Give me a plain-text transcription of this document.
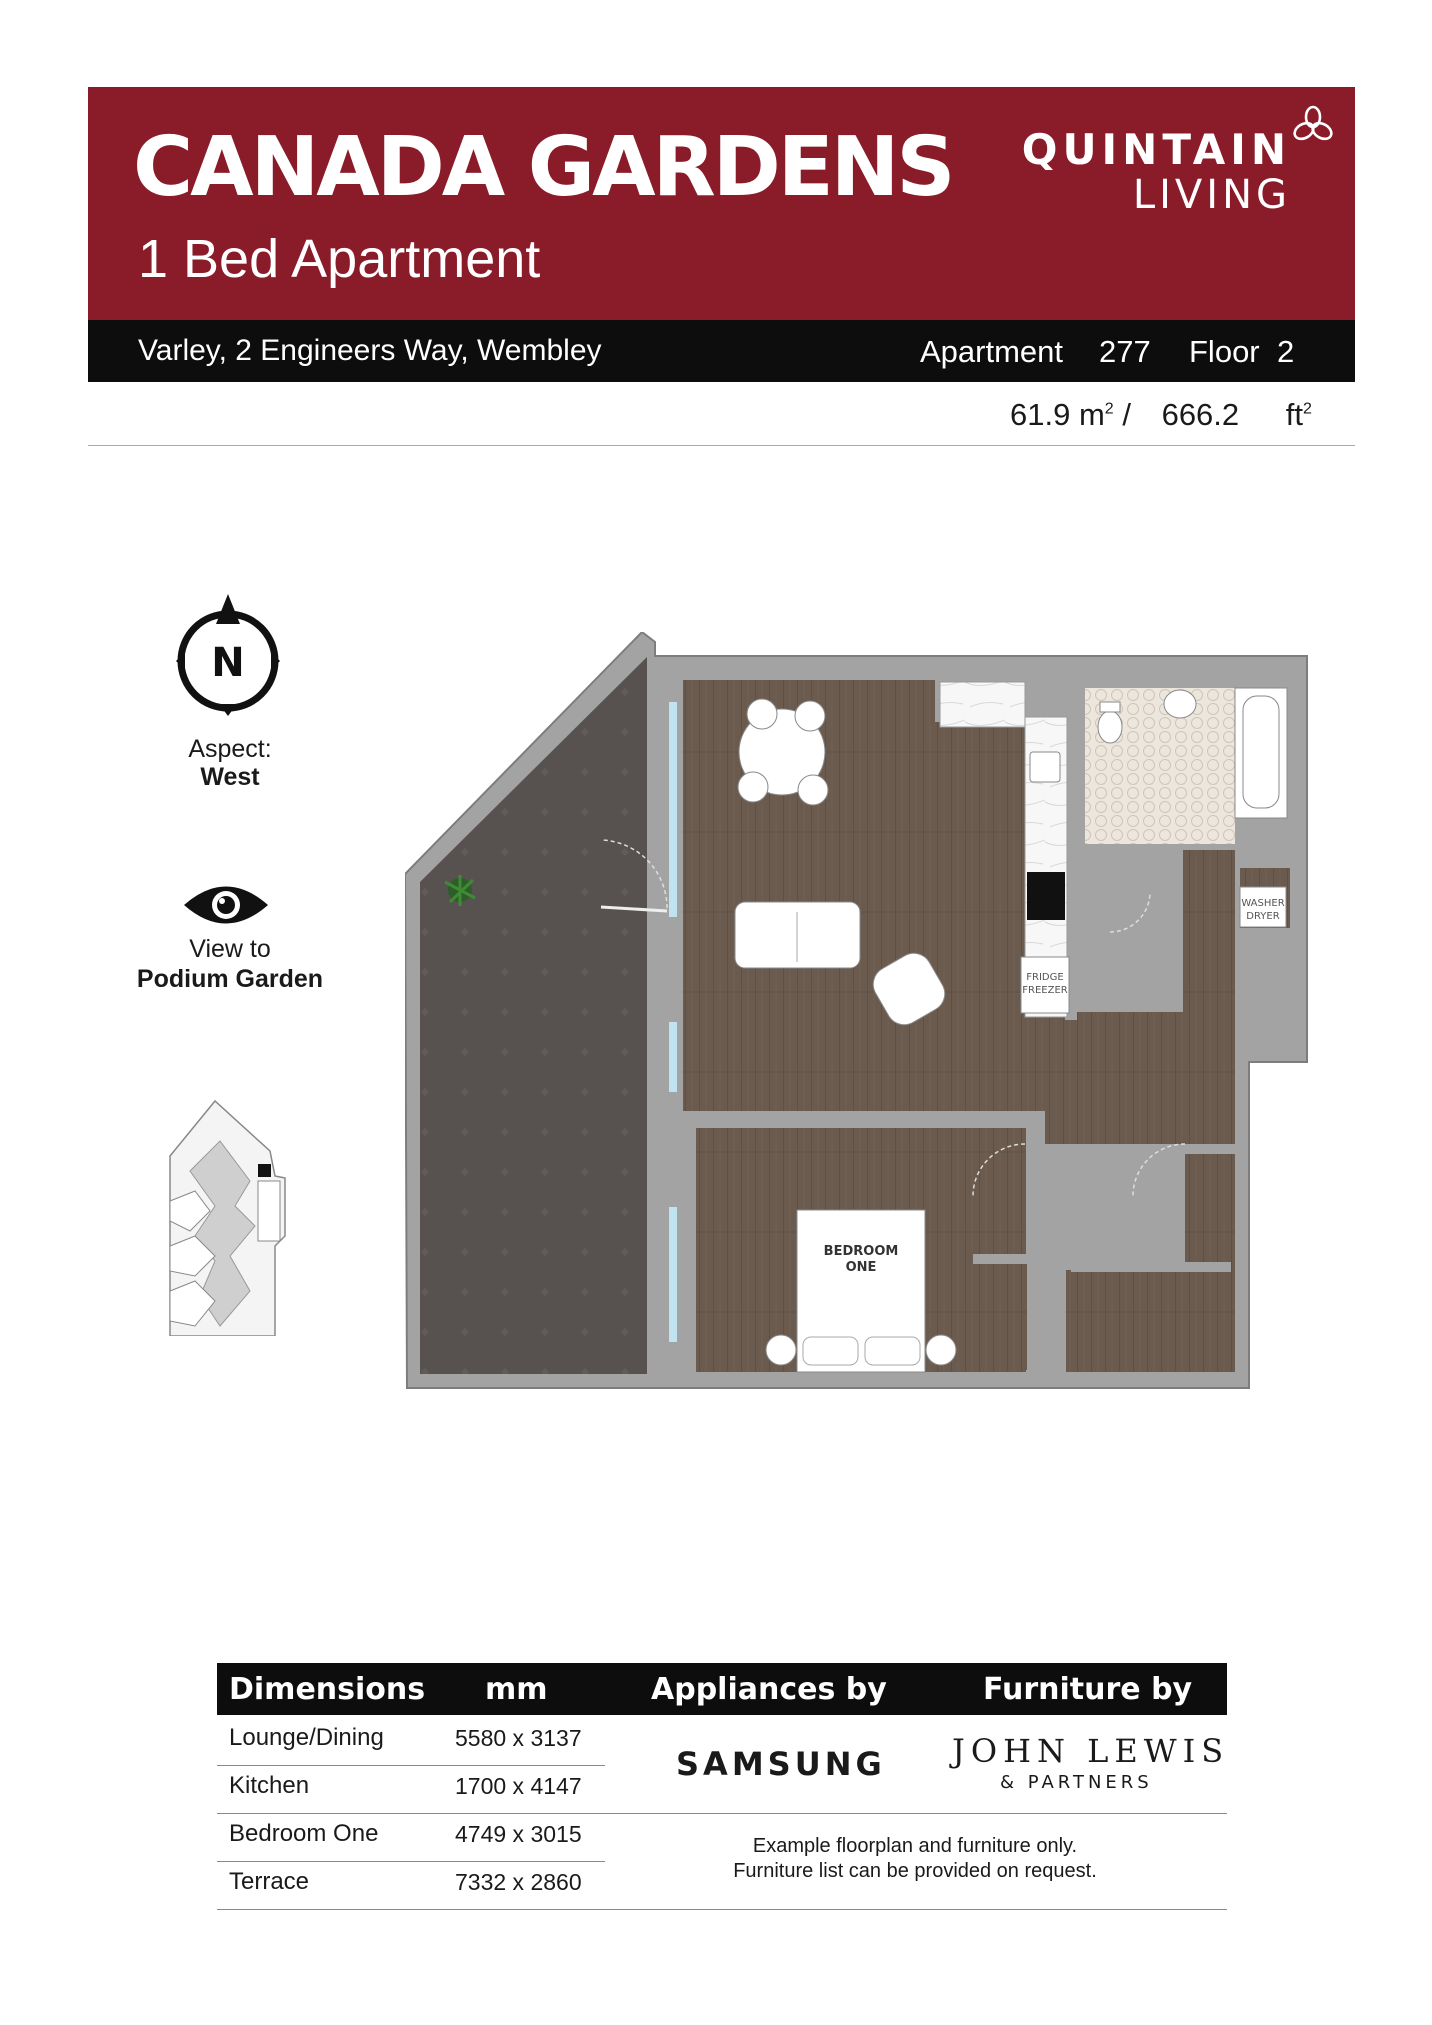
CANADA GARDENS
1 Bed Apartment
QUINTAIN
LIVING
Varley, 2 Engineers Way, Wembley	Apartment 277 Floor 2
61.9 $m^2 / 666.2$ $ft^2$
N
Aspect:
West
View to
Podium Garden	FRIDGE
FREEZER
WASHER
DRYER
BEDROOM
ONE
Dimensions mm	Appliances by	Furniture by
Lounge/Dining	5580 x 3137
Kitchen	1700 x 4147
Bedroom One	4749 x 3015
Terrace	7332 x 2860
SAMSUNG JOHN LEWIS
& PARTNERS
Example floorplan and furniture only.
Furniture list can be provided on request.
